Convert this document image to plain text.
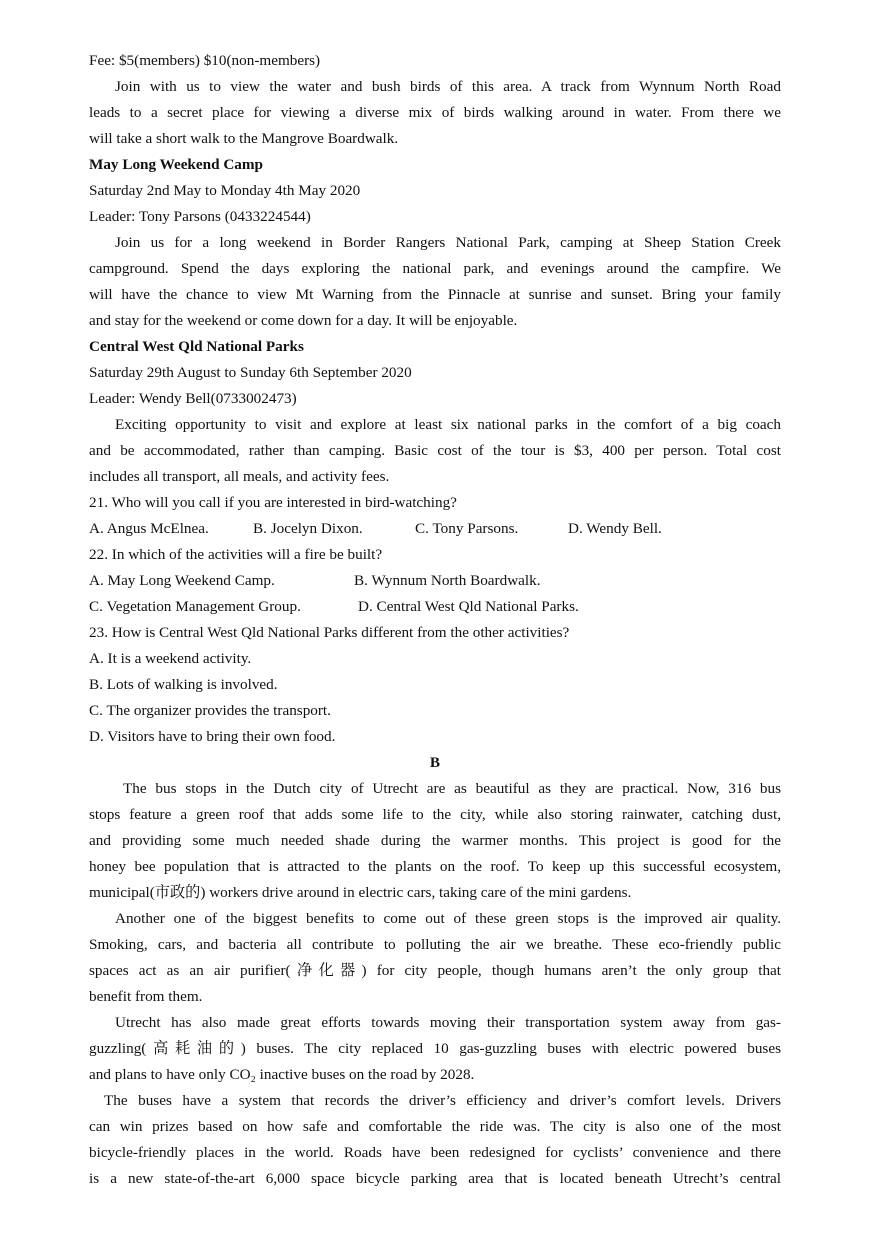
Fee: $5(members) $10(non-members)
Join with us to view the water and bush birds of this area. A track from Wynnum North Road
leads to a secret place for viewing a diverse mix of birds walking around in water. From there we
will take a short walk to the Mangrove Boardwalk.
May Long Weekend Camp
Saturday 2nd May to Monday 4th May 2020
Leader: Tony Parsons (0433224544)
Join us for a long weekend in Border Rangers National Park, camping at Sheep Station Creek
campground. Spend the days exploring the national park, and evenings around the campfire. We
will have the chance to view Mt Warning from the Pinnacle at sunrise and sunset. Bring your family
and stay for the weekend or come down for a day. It will be enjoyable.
Central West Qld National Parks
Saturday 29th August to Sunday 6th September 2020
Leader: Wendy Bell(0733002473)
Exciting opportunity to visit and explore at least six national parks in the comfort of a big coach
and be accommodated, rather than camping. Basic cost of the tour is $3, 400 per person. Total cost
includes all transport, all meals, and activity fees.
21. Who will you call if you are interested in bird-watching?
A. Angus McElnea.	B. Jocelyn Dixon.	C. Tony Parsons.	D. Wendy Bell.
22. In which of the activities will a fire be built?
A. May Long Weekend Camp.	B. Wynnum North Boardwalk.
C. Vegetation Management Group.	D. Central West Qld National Parks.
23. How is Central West Qld National Parks different from the other activities?
A. It is a weekend activity.
B. Lots of walking is involved.
C. The organizer provides the transport.
D. Visitors have to bring their own food.
B
The bus stops in the Dutch city of Utrecht are as beautiful as they are practical. Now, 316 bus
stops feature a green roof that adds some life to the city, while also storing rainwater, catching dust,
and providing some much needed shade during the warmer months. This project is good for the
honey bee population that is attracted to the plants on the roof. To keep up this successful ecosystem,
municipal(市政的) workers drive around in electric cars, taking care of the mini gardens.
Another one of the biggest benefits to come out of these green stops is the improved air quality.
Smoking, cars, and bacteria all contribute to polluting the air we breathe. These eco-friendly public
spaces act as an air purifier(净化器) for city people, though humans aren’t the only group that
benefit from them.
Utrecht has also made great efforts towards moving their transportation system away from gas-
guzzling(高耗油的) buses. The city replaced 10 gas-guzzling buses with electric powered buses
and plans to have only CO₂ inactive buses on the road by 2028.
The buses have a system that records the driver’s efficiency and driver’s comfort levels. Drivers
can win prizes based on how safe and comfortable the ride was. The city is also one of the most
bicycle-friendly places in the world. Roads have been redesigned for cyclists’ convenience and there
is a new state-of-the-art 6,000 space bicycle parking area that is located beneath Utrecht’s central
